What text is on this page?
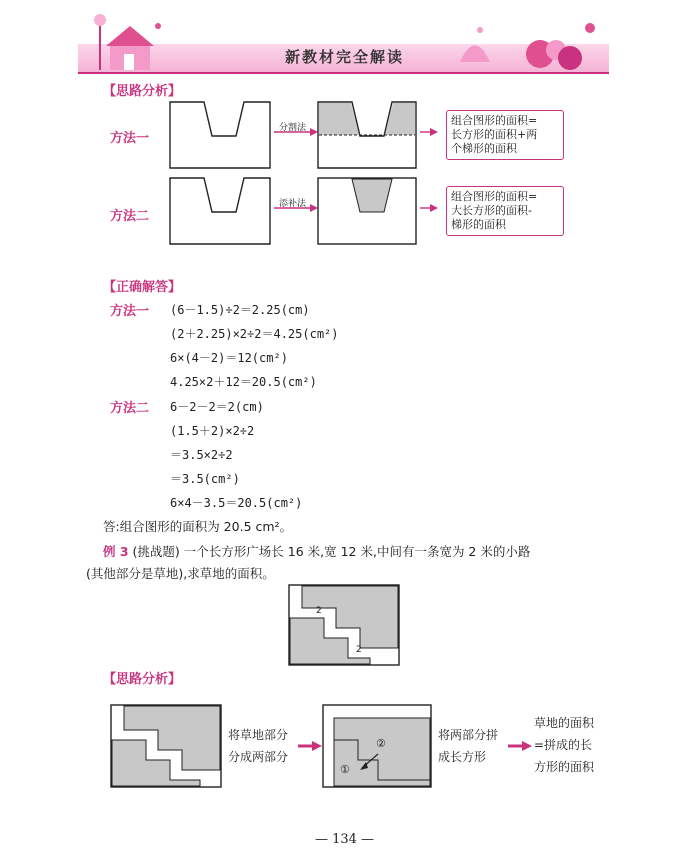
新教材完全解读
【思路分析】
方法一
分割法
组合图形的面积=
长方形的面积+两
个梯形的面积
方法二
添补法
组合图形的面积=
大长方形的面积-
梯形的面积
【正确解答】
方法一 (6－1.5)÷2＝2.25(cm)
(2＋2.25)×2÷2＝4.25(cm²)
6×(4－2)＝12(cm²)
4.25×2＋12＝20.5(cm²)
方法二 6－2－2＝2(cm)
(1.5＋2)×2÷2
＝3.5×2÷2
＝3.5(cm²)
6×4－3.5＝20.5(cm²)
答:组合图形的面积为 20.5 cm²。
例 3 (挑战题) 一个长方形广场长 16 米,宽 12 米,中间有一条宽为 2 米的小路
(其他部分是草地),求草地的面积。
2
2
【思路分析】
将草地部分
分成两部分
①
②
将两部分拼
成长方形
草地的面积
=拼成的长
方形的面积
— 134 —
